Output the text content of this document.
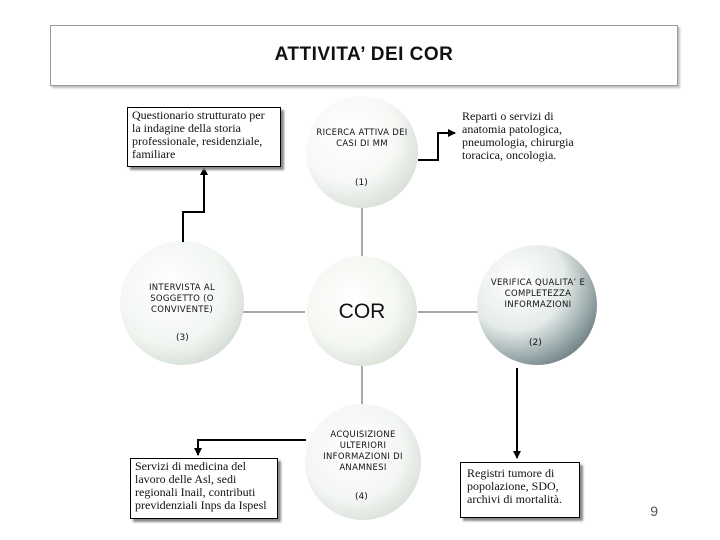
ATTIVITA’ DEI COR
Questionario strutturato per la indagine della storia professionale, residenziale, familiare
RICERCA ATTIVA DEI CASI DI MM
(1)
Reparti o servizi di anatomia patologica, pneumologia, chirurgia toracica, oncologia.
INTERVISTA AL SOGGETTO (O CONVIVENTE)
(3)
COR
VERIFICA QUALITA’ E COMPLETEZZA INFORMAZIONI
(2)
ACQUISIZIONE ULTERIORI INFORMAZIONI DI ANAMNESI
(4)
Servizi di medicina del lavoro delle Asl, sedi regionali Inail, contributi previdenziali Inps da Ispesl
Registri tumore di popolazione, SDO, archivi di mortalità.
9
